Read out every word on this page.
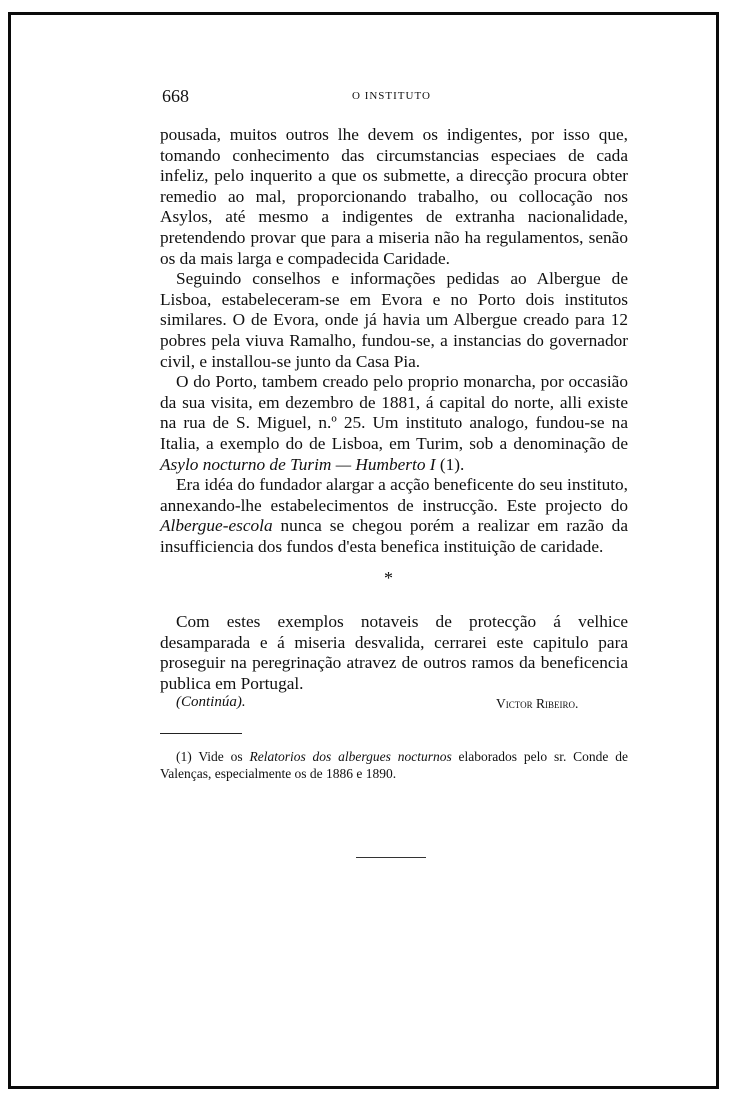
668	O INSTITUTO

pousada, muitos outros lhe devem os indigentes, por isso que, tomando conhecimento das circumstancias especiaes de cada infeliz, pelo inquerito a que os submette, a direcção procura obter remedio ao mal, proporcionando trabalho, ou collocação nos Asylos, até mesmo a indigentes de extranha nacionalidade, pretendendo provar que para a miseria não ha regulamentos, senão os da mais larga e compadecida Caridade.

Seguindo conselhos e informações pedidas ao Albergue de Lisboa, estabeleceram-se em Evora e no Porto dois institutos similares. O de Evora, onde já havia um Albergue creado para 12 pobres pela viuva Ramalho, fundou-se, a instancias do governador civil, e installou-se junto da Casa Pia.

O do Porto, tambem creado pelo proprio monarcha, por occasião da sua visita, em dezembro de 1881, á capital do norte, alli existe na rua de S. Miguel, n.º 25. Um instituto analogo, fundou-se na Italia, a exemplo do de Lisboa, em Turim, sob a denominação de Asylo nocturno de Turim — Humberto I (1).

Era idéa do fundador alargar a acção beneficente do seu instituto, annexando-lhe estabelecimentos de instrucção. Este projecto do Albergue-escola nunca se chegou porém a realizar em razão da insufficiencia dos fundos d'esta benefica instituição de caridade.

*

Com estes exemplos notaveis de protecção á velhice desamparada e á miseria desvalida, cerrarei este capitulo para proseguir na peregrinação atravez de outros ramos da beneficencia publica em Portugal.

(Continúa).	Victor Ribeiro.

(1) Vide os Relatorios dos albergues nocturnos elaborados pelo sr. Conde de Valenças, especialmente os de 1886 e 1890.
